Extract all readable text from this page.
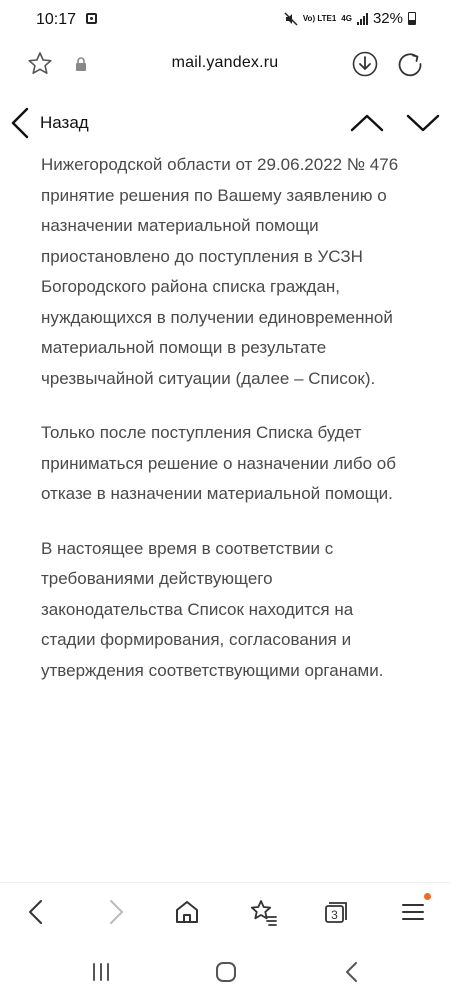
10:17	Vo) LTE1 4G 32%
mail.yandex.ru
Назад

Нижегородской области от 29.06.2022 № 476 принятие решения по Вашему заявлению о назначении материальной помощи приостановлено до поступления в УСЗН Богородского района списка граждан, нуждающихся в получении единовременной материальной помощи в результате чрезвычайной ситуации (далее – Список).

Только после поступления Списка будет приниматься решение о назначении либо об отказе в назначении материальной помощи.

В настоящее время в соответствии с требованиями действующего законодательства Список находится на стадии формирования, согласования и утверждения соответствующими органами.

3
